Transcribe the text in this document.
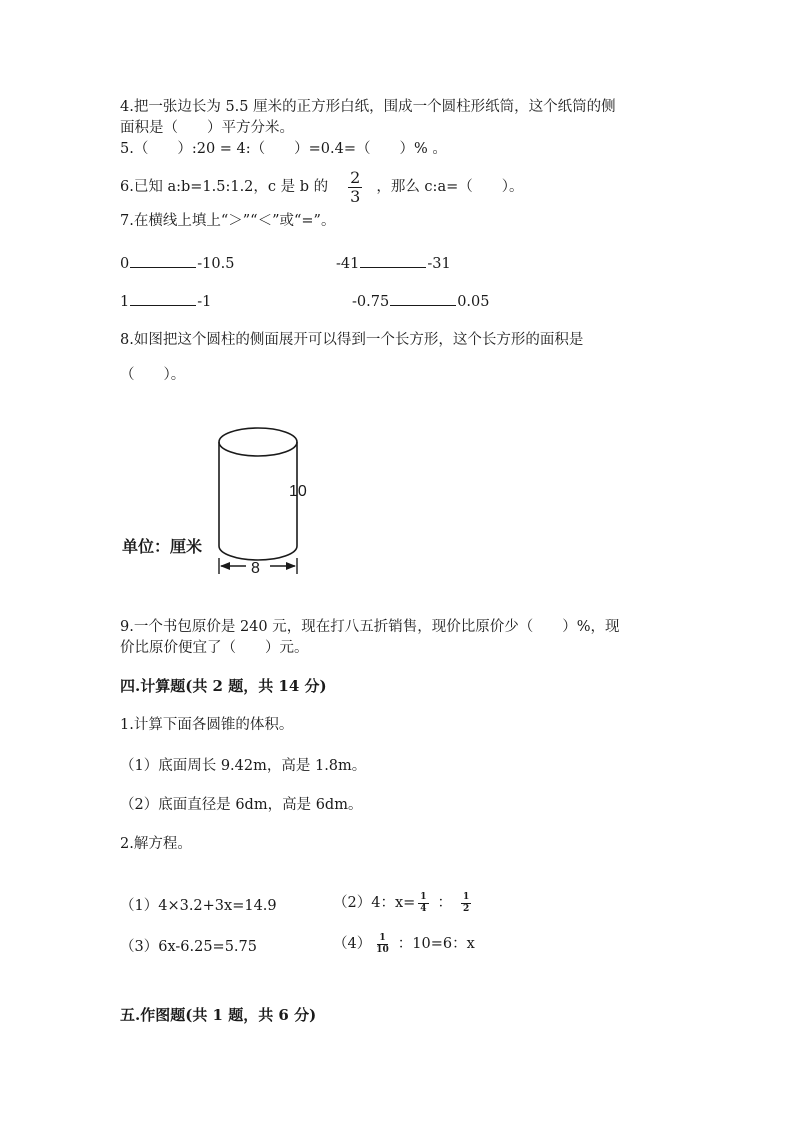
4.把一张边长为 5.5 厘米的正方形白纸，围成一个圆柱形纸筒，这个纸筒的侧
面积是（　　）平方分米。
5.（　　）:20 = 4:（　　）=0.4=（　　）% 。
6.已知 a:b=1.5:1.2，c 是 b 的 $\frac{2}{3}$ ，那么 c:a=（　　）。
7.在横线上填上“＞”“＜”或“=”。
0	-10.5	-41	-31
1	-1	-0.75	0.05
8.如图把这个圆柱的侧面展开可以得到一个长方形，这个长方形的面积是
（　　）。
10
单位：厘米
8
9.一个书包原价是 240 元，现在打八五折销售，现价比原价少（　　）%，现
价比原价便宜了（　　）元。
四.计算题(共 2 题，共 14 分)
1.计算下面各圆锥的体积。
（1）底面周长 9.42m，高是 1.8m。
（2）底面直径是 6dm，高是 6dm。
2.解方程。
（1）4×3.2+3x=14.9	（2）4：$x= \frac{1}{4}$ ： $\frac{1}{2}$
（3）6x-6.25=5.75	$(4) \frac{1}{10}$ ：10=6：x
五.作图题(共 1 题，共 6 分)
